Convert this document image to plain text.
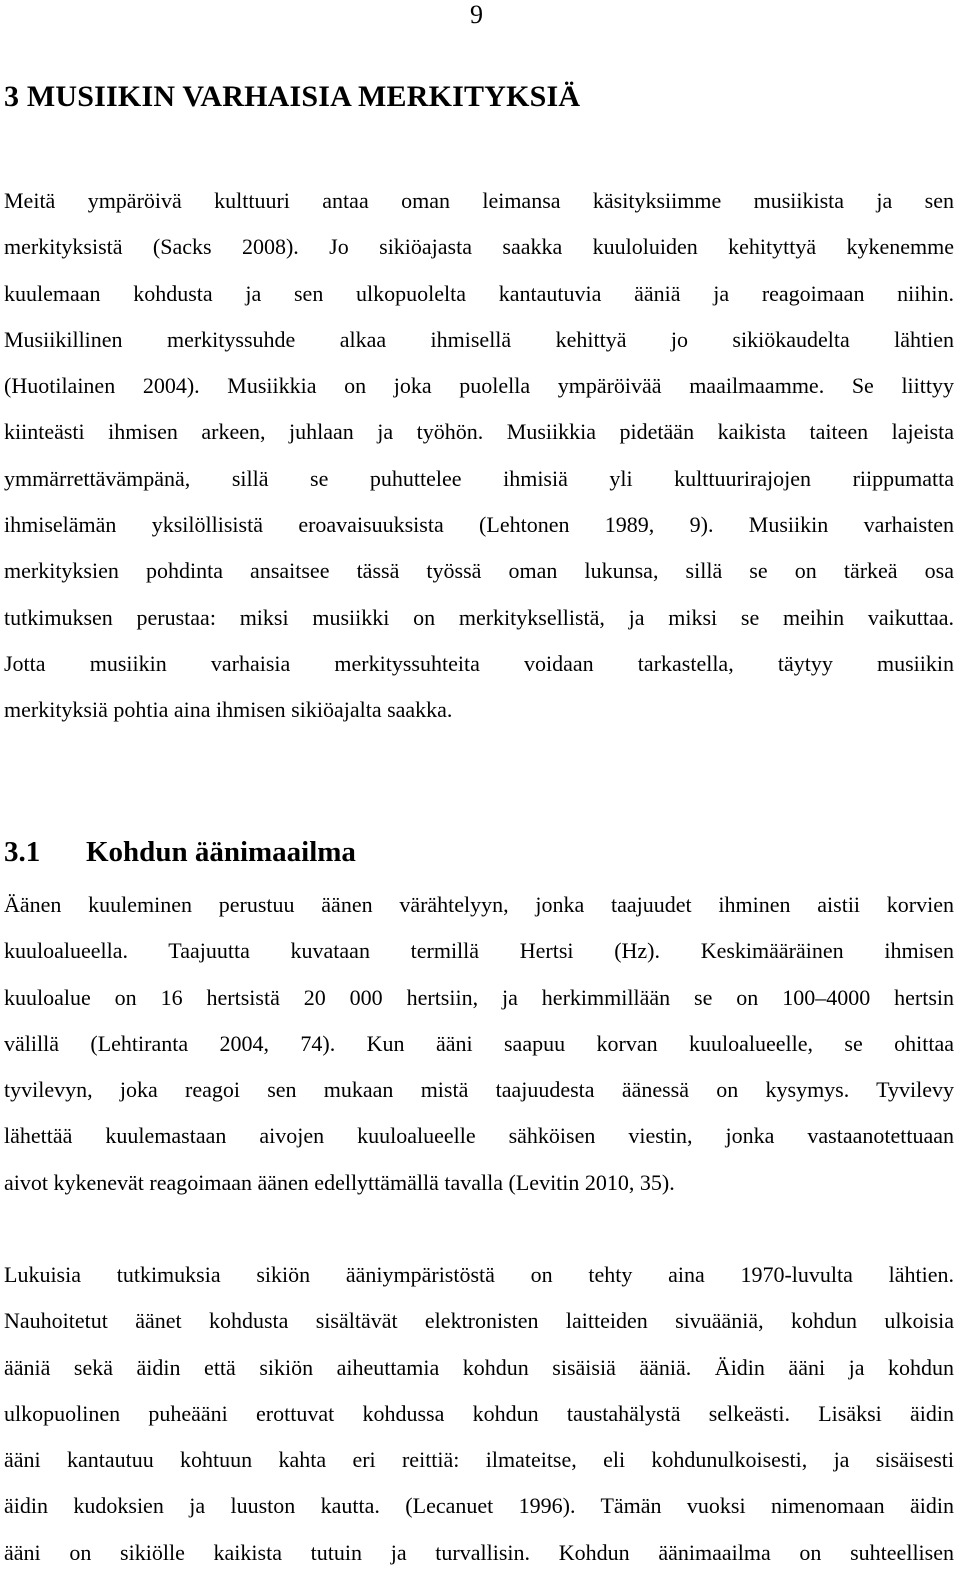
9
3 MUSIIKIN VARHAISIA MERKITYKSIÄ
Meitä ympäröivä kulttuuri antaa oman leimansa käsityksiimme musiikista ja sen
merkityksistä (Sacks 2008). Jo sikiöajasta saakka kuuloluiden kehityttyä kykenemme
kuulemaan kohdusta ja sen ulkopuolelta kantautuvia ääniä ja reagoimaan niihin.
Musiikillinen merkityssuhde alkaa ihmisellä kehittyä jo sikiökaudelta lähtien
(Huotilainen 2004). Musiikkia on joka puolella ympäröivää maailmaamme. Se liittyy
kiinteästi ihmisen arkeen, juhlaan ja työhön. Musiikkia pidetään kaikista taiteen lajeista
ymmärrettävämpänä, sillä se puhuttelee ihmisiä yli kulttuurirajojen riippumatta
ihmiselämän yksilöllisistä eroavaisuuksista (Lehtonen 1989, 9). Musiikin varhaisten
merkityksien pohdinta ansaitsee tässä työssä oman lukunsa, sillä se on tärkeä osa
tutkimuksen perustaa: miksi musiikki on merkityksellistä, ja miksi se meihin vaikuttaa.
Jotta musiikin varhaisia merkityssuhteita voidaan tarkastella, täytyy musiikin
merkityksiä pohtia aina ihmisen sikiöajalta saakka.
3.1 Kohdun äänimaailma
Äänen kuuleminen perustuu äänen värähtelyyn, jonka taajuudet ihminen aistii korvien
kuuloalueella. Taajuutta kuvataan termillä Hertsi (Hz). Keskimääräinen ihmisen
kuuloalue on 16 hertsistä 20 000 hertsiin, ja herkimmillään se on 100–4000 hertsin
välillä (Lehtiranta 2004, 74). Kun ääni saapuu korvan kuuloalueelle, se ohittaa
tyvilevyn, joka reagoi sen mukaan mistä taajuudesta äänessä on kysymys. Tyvilevy
lähettää kuulemastaan aivojen kuuloalueelle sähköisen viestin, jonka vastaanotettuaan
aivot kykenevät reagoimaan äänen edellyttämällä tavalla (Levitin 2010, 35).
Lukuisia tutkimuksia sikiön ääniympäristöstä on tehty aina 1970-luvulta lähtien.
Nauhoitetut äänet kohdusta sisältävät elektronisten laitteiden sivuääniä, kohdun ulkoisia
ääniä sekä äidin että sikiön aiheuttamia kohdun sisäisiä ääniä. Äidin ääni ja kohdun
ulkopuolinen puheääni erottuvat kohdussa kohdun taustahälystä selkeästi. Lisäksi äidin
ääni kantautuu kohtuun kahta eri reittiä: ilmateitse, eli kohdunulkoisesti, ja sisäisesti
äidin kudoksien ja luuston kautta. (Lecanuet 1996). Tämän vuoksi nimenomaan äidin
ääni on sikiölle kaikista tutuin ja turvallisin. Kohdun äänimaailma on suhteellisen
